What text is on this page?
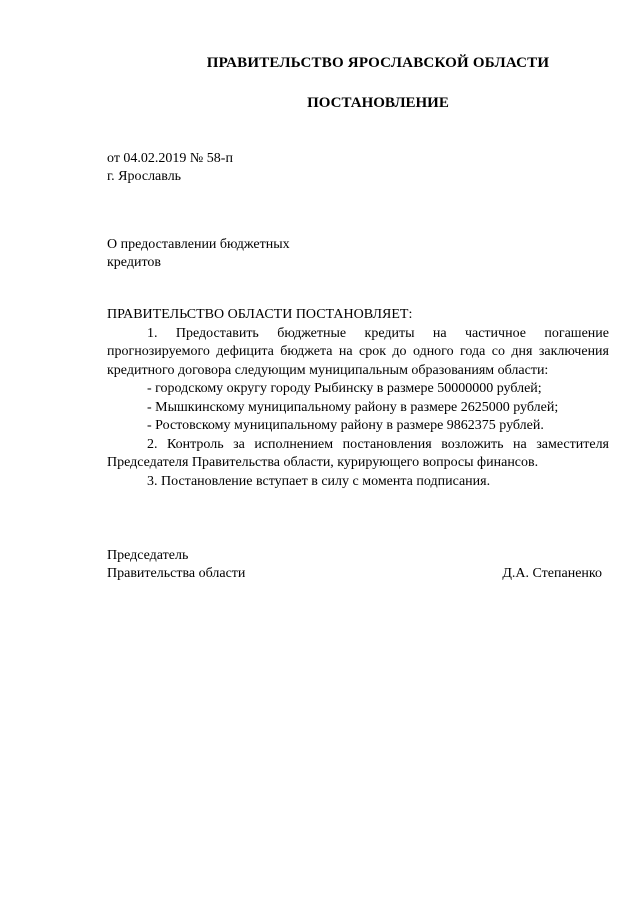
ПРАВИТЕЛЬСТВО ЯРОСЛАВСКОЙ ОБЛАСТИ
ПОСТАНОВЛЕНИЕ
от 04.02.2019 № 58-п
г. Ярославль
О предоставлении бюджетных
кредитов

ПРАВИТЕЛЬСТВО ОБЛАСТИ ПОСТАНОВЛЯЕТ:

1. Предоставить бюджетные кредиты на частичное погашение прогнозируемого дефицита бюджета на срок до одного года со дня заключения кредитного договора следующим муниципальным образованиям области:

- городскому округу городу Рыбинску в размере 50000000 рублей;

- Мышкинскому муниципальному району в размере 2625000 рублей;

- Ростовскому муниципальному району в размере 9862375 рублей.

2. Контроль за исполнением постановления возложить на заместителя Председателя Правительства области, курирующего вопросы финансов.

3. Постановление вступает в силу с момента подписания.

Председатель
Правительства области	Д.А. Степаненко
